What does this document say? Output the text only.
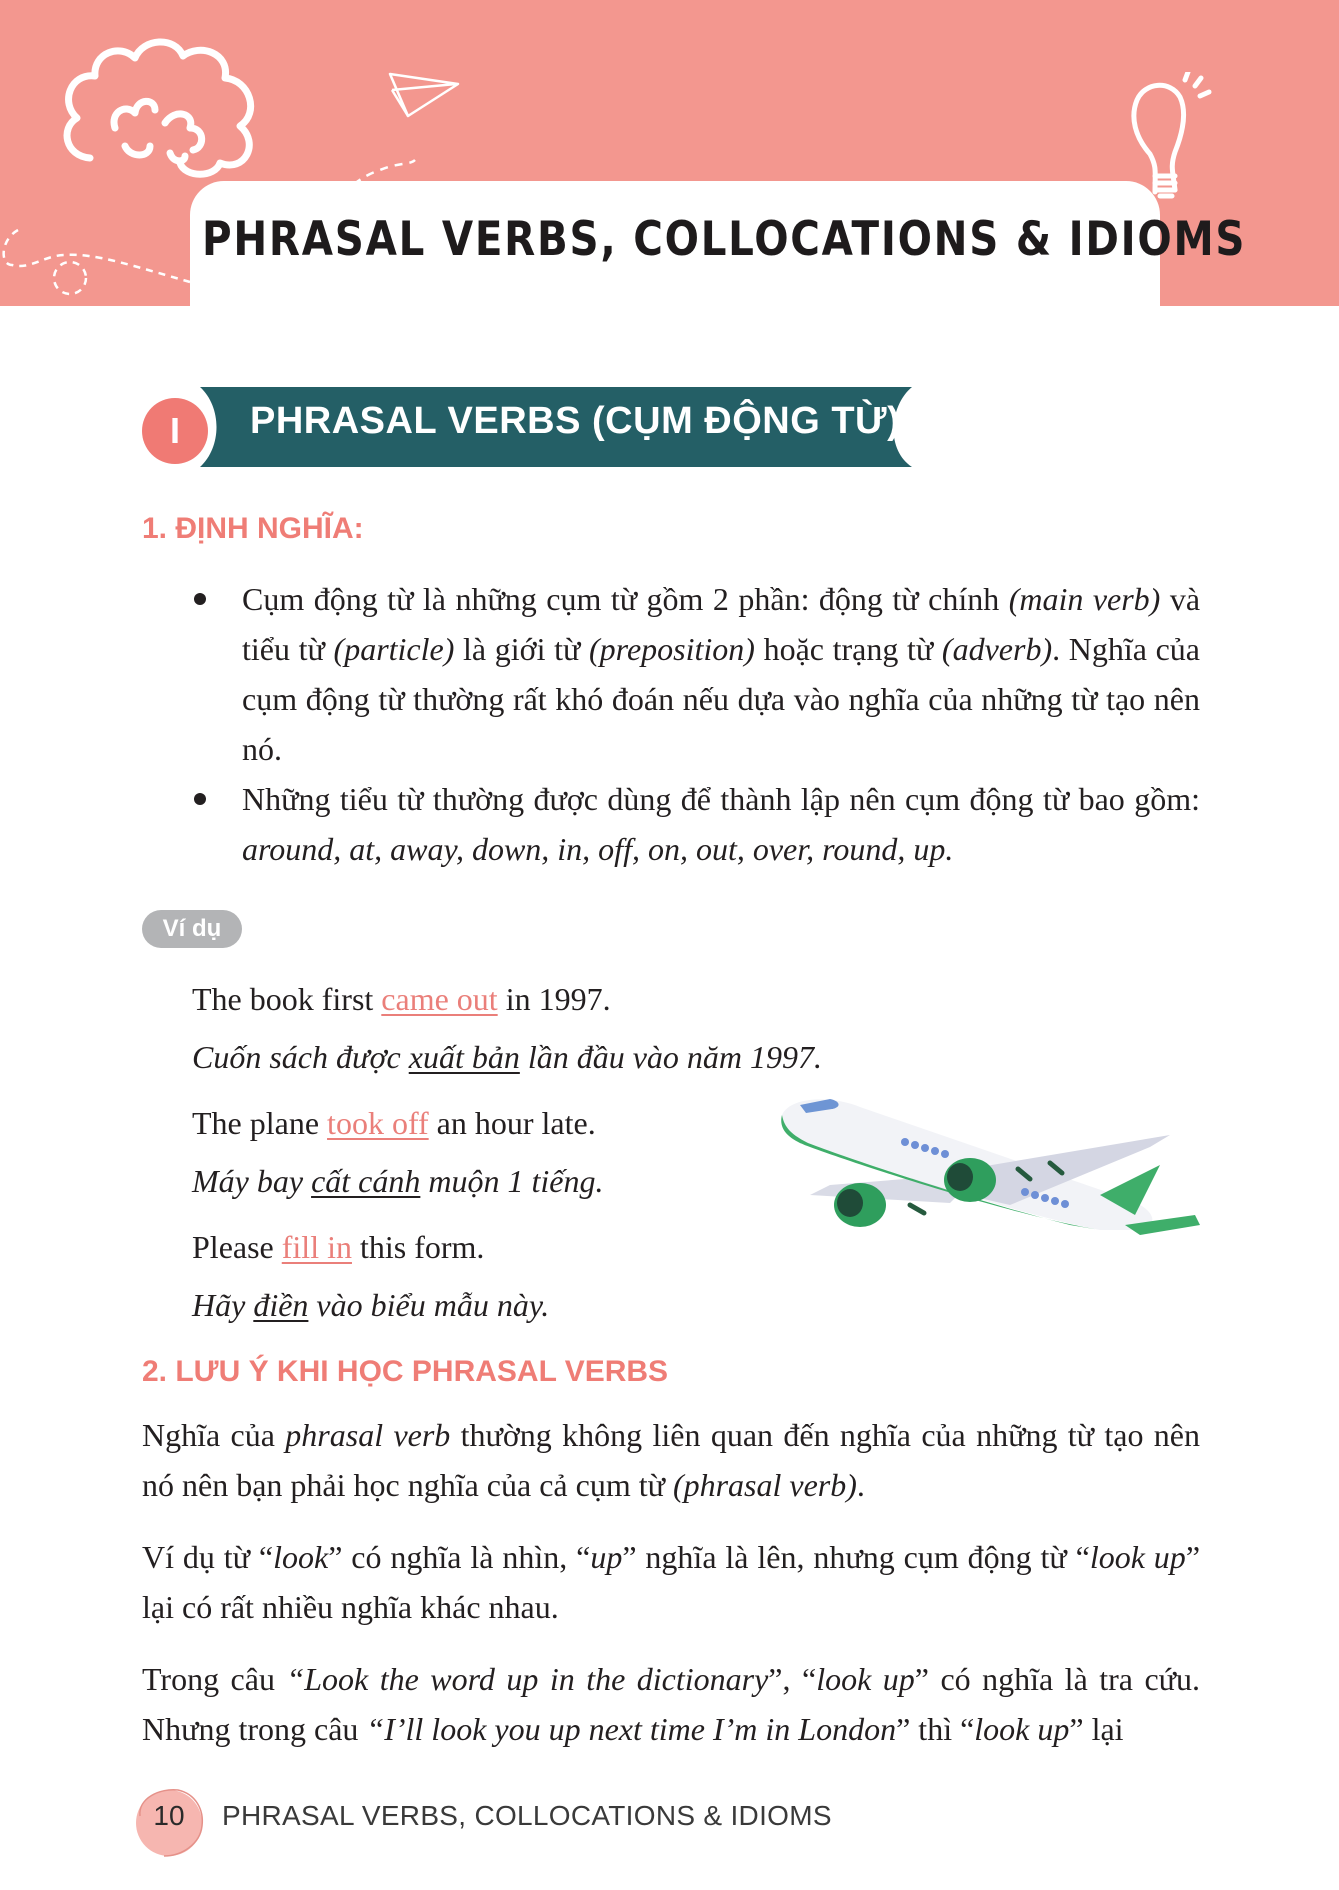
PHRASAL VERBS, COLLOCATIONS & IDIOMS
I	PHRASAL VERBS (CỤM ĐỘNG TỪ)
1. ĐỊNH NGHĨA:
Cụm động từ là những cụm từ gồm 2 phần: động từ chính (main verb) và tiểu từ (particle) là giới từ (preposition) hoặc trạng từ (adverb). Nghĩa của cụm động từ thường rất khó đoán nếu dựa vào nghĩa của những từ tạo nên nó.
Những tiểu từ thường được dùng để thành lập nên cụm động từ bao gồm: around, at, away, down, in, off, on, out, over, round, up.
Ví dụ
The book first came out in 1997.
Cuốn sách được xuất bản lần đầu vào năm 1997.
The plane took off an hour late.
Máy bay cất cánh muộn 1 tiếng.
Please fill in this form.
Hãy điền vào biểu mẫu này.
2. LƯU Ý KHI HỌC PHRASAL VERBS

Nghĩa của phrasal verb thường không liên quan đến nghĩa của những từ tạo nên nó nên bạn phải học nghĩa của cả cụm từ (phrasal verb).

Ví dụ từ “look” có nghĩa là nhìn, “up” nghĩa là lên, nhưng cụm động từ “look up” lại có rất nhiều nghĩa khác nhau.

Trong câu “Look the word up in the dictionary”, “look up” có nghĩa là tra cứu. Nhưng trong câu “I’ll look you up next time I’m in London” thì “look up” lại

10	PHRASAL VERBS, COLLOCATIONS & IDIOMS
